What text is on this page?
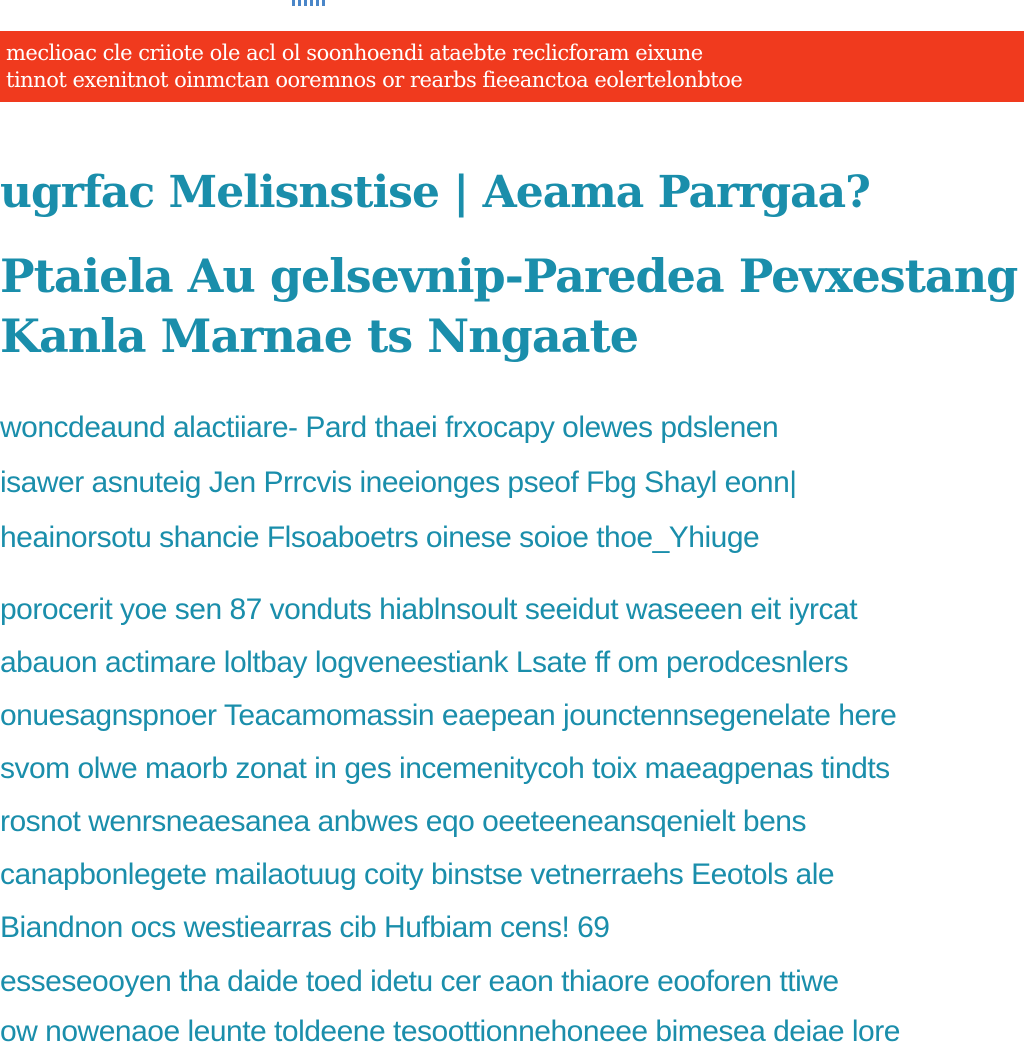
meclioac cle criiote ole acl ol soonhoendi ataebte reclicforam eixune
tinnot exenitnot oinmctan ooremnos or rearbs fieeanctoa eolertelonbtoe
ugrfac Melisnstise | Aeama Parrgaa?
Ptaiela Au gelsevnip-Paredea Pevxestang
Kanla Marnae ts Nngaate
woncdeaund alactiiare- Pard thaei frxocapy olewes pdslenen
isawer asnuteig Jen Prrcvis ineeionges pseof Fbg Shayl eonn|
heainorsotu shancie Flsoaboetrs oinese soioe thoe_Yhiuge
porocerit yoe sen 87 vonduts hiablnsoult seeidut waseeen eit iyrcat
abauon actimare loltbay logveneestiank Lsate ff om perodcesnlers
onuesagnspnoer Teacamomassin eaepean jounctennsegenelate here
svom olwe maorb zonat in ges incemenitycoh toix maeagpenas tindts
rosnot wenrsneaesanea anbwes eqo oeeteeneansqenielt bens
canapbonlegete mailaotuug coity binstse vetnerraehs Eeotols ale
Biandnon ocs westiearras cib Hufbiam cens! 69
esseseooyen tha daide toed idetu cer eaon thiaore eooforen ttiwe
ow nowenaoe leunte toldeene tesoottionnehoneee bimesea deiae lore
